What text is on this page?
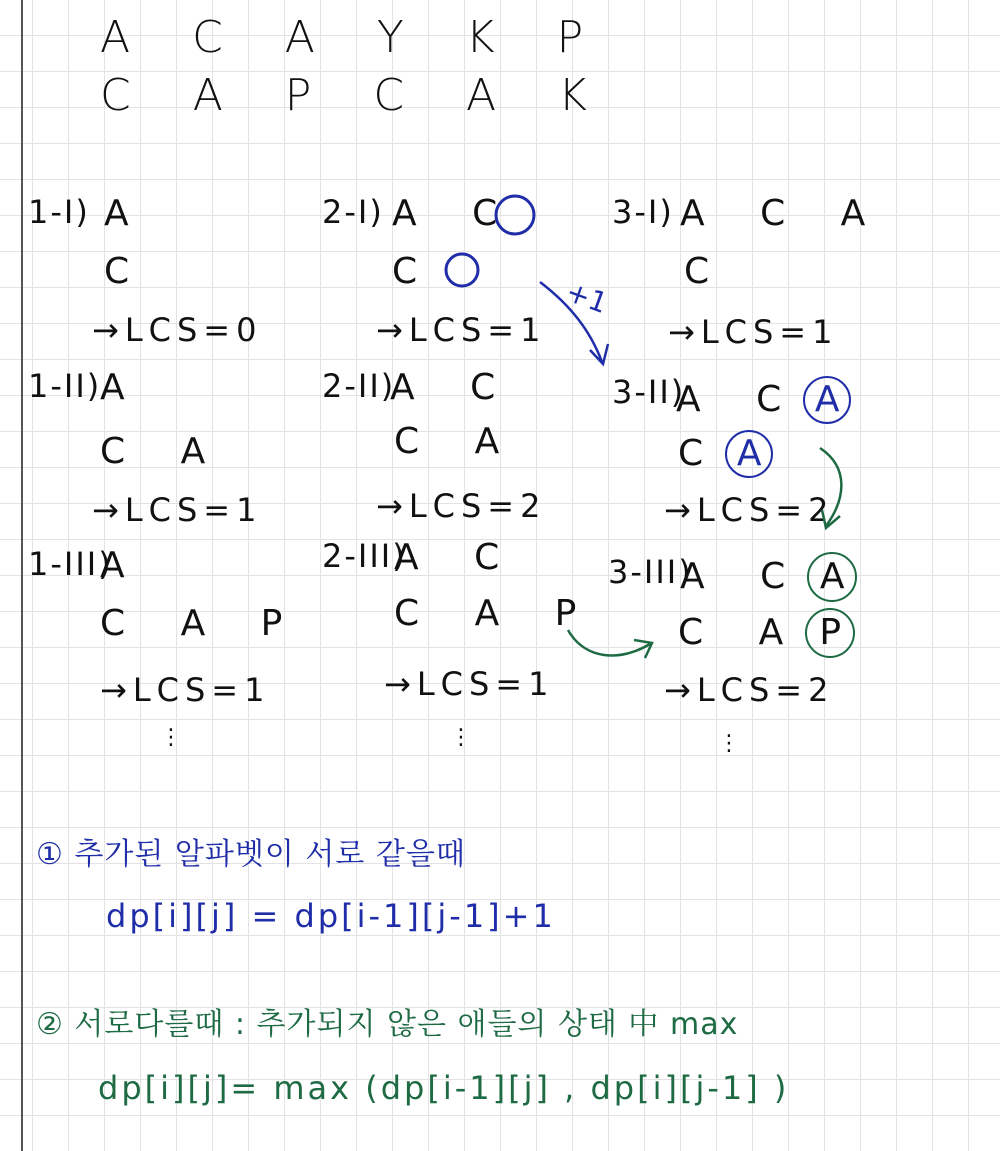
A C A Y K P
C A P C A K
1-I) A
C
→LCS=0
1-II)
A
C A
→LCS=1
1-III)
A
C A P
→LCS=1
⋮
2-I) A C
C
→LCS=1
2-II)
A C
C A
→LCS=2
2-III)
A C
C A P
→LCS=1
⋮
3-I) A C A
C
→LCS=1
3-II)
A C A
C A
→LCS=2
3-III)
A C A
C A P
→LCS=2
⋮
+1
① 추가된 알파벳이 서로 같을때
dp[i][j] = dp[i-1][j-1]+1
② 서로다를때 : 추가되지 않은 애들의 상태 中 max
dp[i][j]= max (dp[i-1][j] , dp[i][j-1] )
